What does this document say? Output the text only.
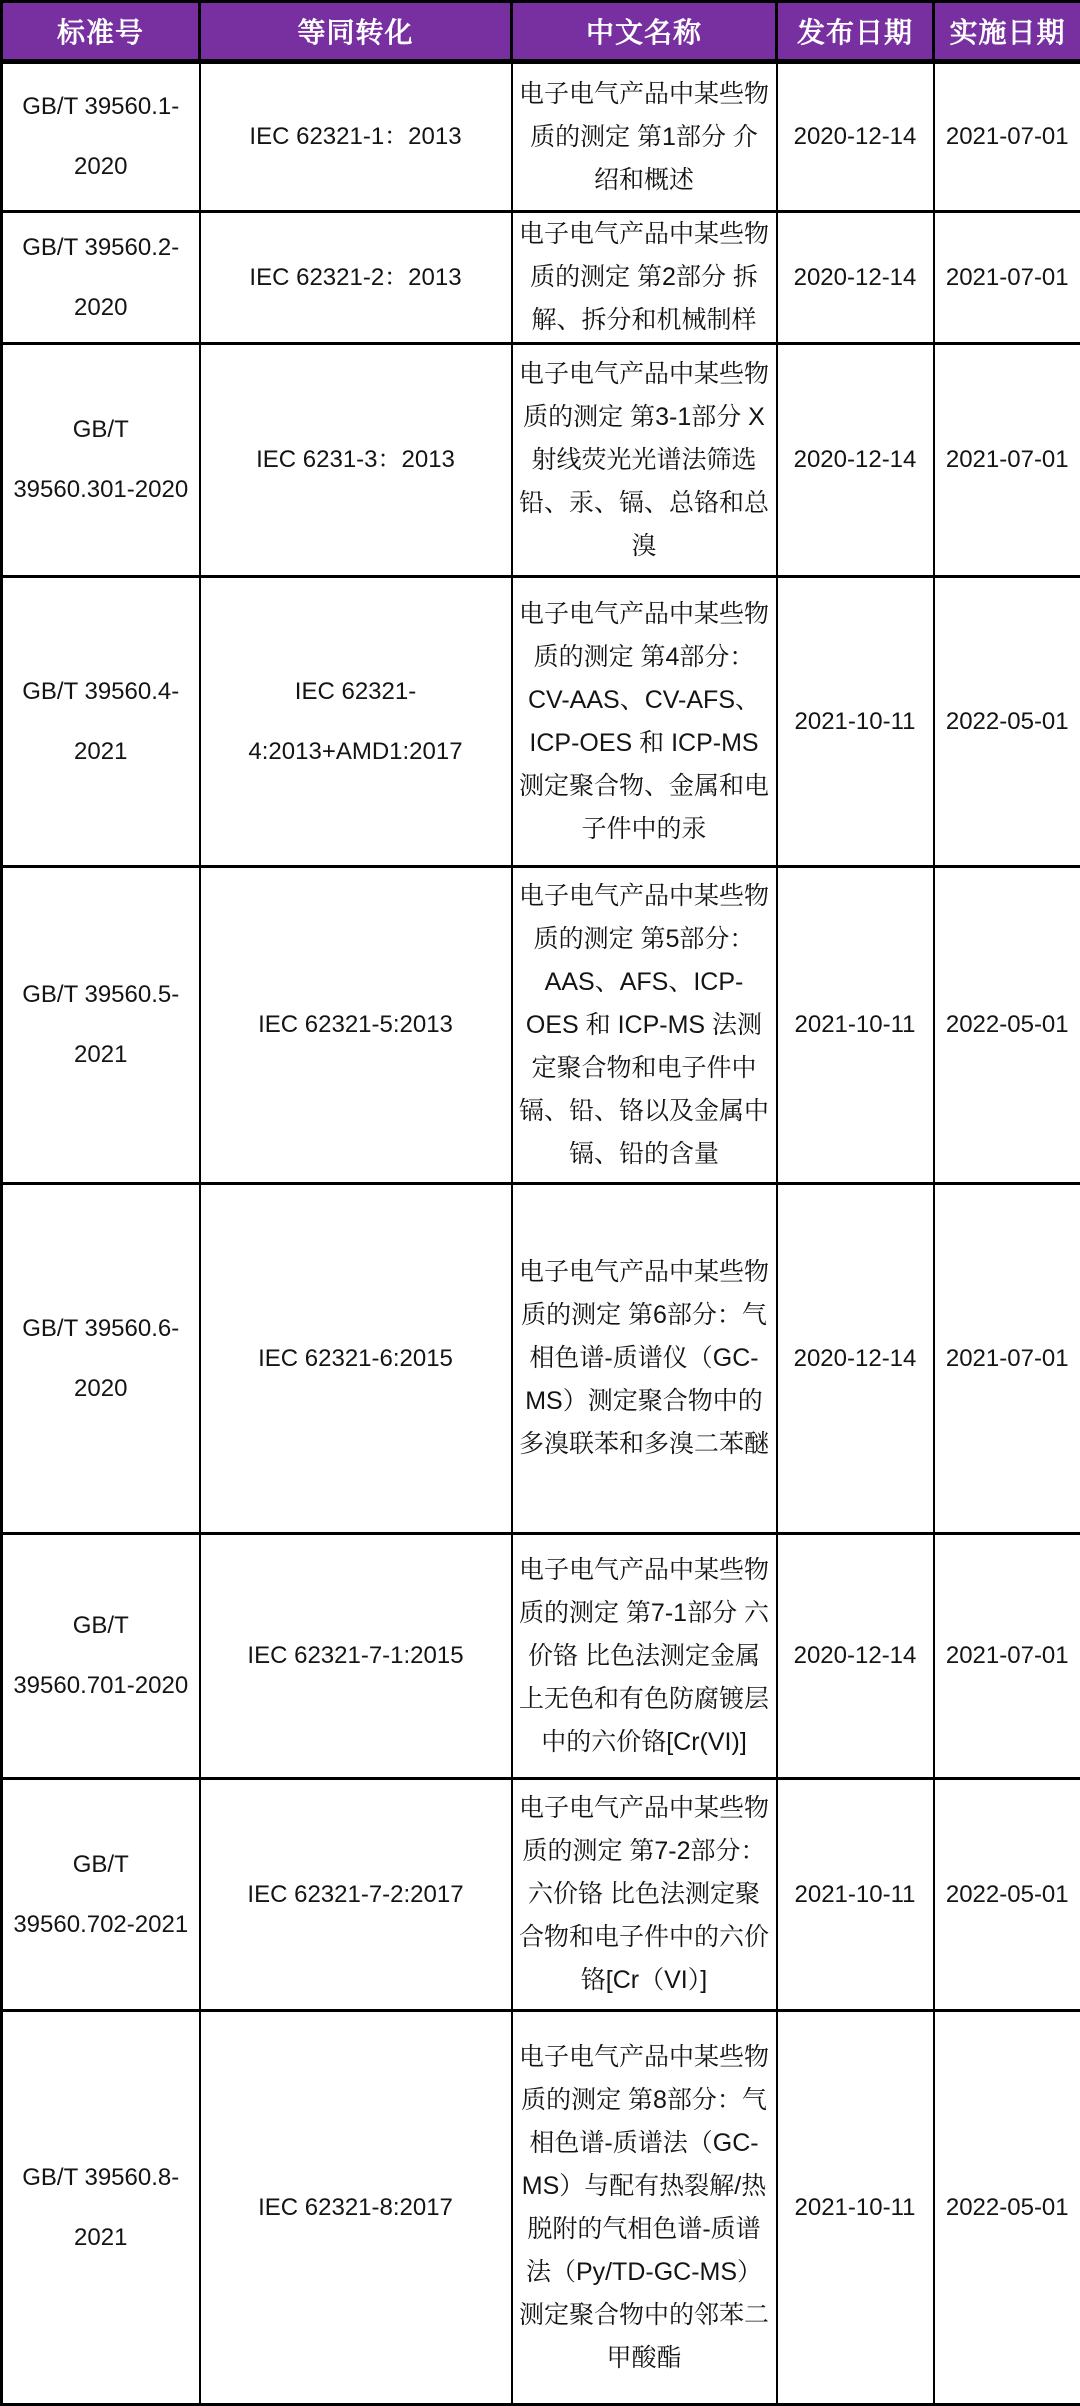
标准号	等同转化	中文名称	发布日期	实施日期
GB/T 39560.1-2020	IEC 62321-1：2013	电子电气产品中某些物质的测定 第1部分 介绍和概述	2020-12-14	2021-07-01
GB/T 39560.2-2020	IEC 62321-2：2013	电子电气产品中某些物质的测定 第2部分 拆解、拆分和机械制样	2020-12-14	2021-07-01
GB/T 39560.301-2020	IEC 6231-3：2013	电子电气产品中某些物质的测定 第3-1部分 X射线荧光光谱法筛选铅、汞、镉、总铬和总溴	2020-12-14	2021-07-01
GB/T 39560.4-2021	IEC 62321-4:2013+AMD1:2017	电子电气产品中某些物质的测定 第4部分：CV-AAS、CV-AFS、ICP-OES 和 ICP-MS 测定聚合物、金属和电子件中的汞	2021-10-11	2022-05-01
GB/T 39560.5-2021	IEC 62321-5:2013	电子电气产品中某些物质的测定 第5部分：AAS、AFS、ICP-OES 和 ICP-MS 法测定聚合物和电子件中镉、铅、铬以及金属中镉、铅的含量	2021-10-11	2022-05-01
GB/T 39560.6-2020	IEC 62321-6:2015	电子电气产品中某些物质的测定 第6部分：气相色谱-质谱仪（GC-MS）测定聚合物中的多溴联苯和多溴二苯醚	2020-12-14	2021-07-01
GB/T 39560.701-2020	IEC 62321-7-1:2015	电子电气产品中某些物质的测定 第7-1部分 六价铬 比色法测定金属上无色和有色防腐镀层中的六价铬[Cr(VI)]	2020-12-14	2021-07-01
GB/T 39560.702-2021	IEC 62321-7-2:2017	电子电气产品中某些物质的测定 第7-2部分：六价铬 比色法测定聚合物和电子件中的六价铬[Cr（VI）]	2021-10-11	2022-05-01
GB/T 39560.8-2021	IEC 62321-8:2017	电子电气产品中某些物质的测定 第8部分：气相色谱-质谱法（GC-MS）与配有热裂解/热脱附的气相色谱-质谱法（Py/TD-GC-MS）测定聚合物中的邻苯二甲酸酯	2021-10-11	2022-05-01
